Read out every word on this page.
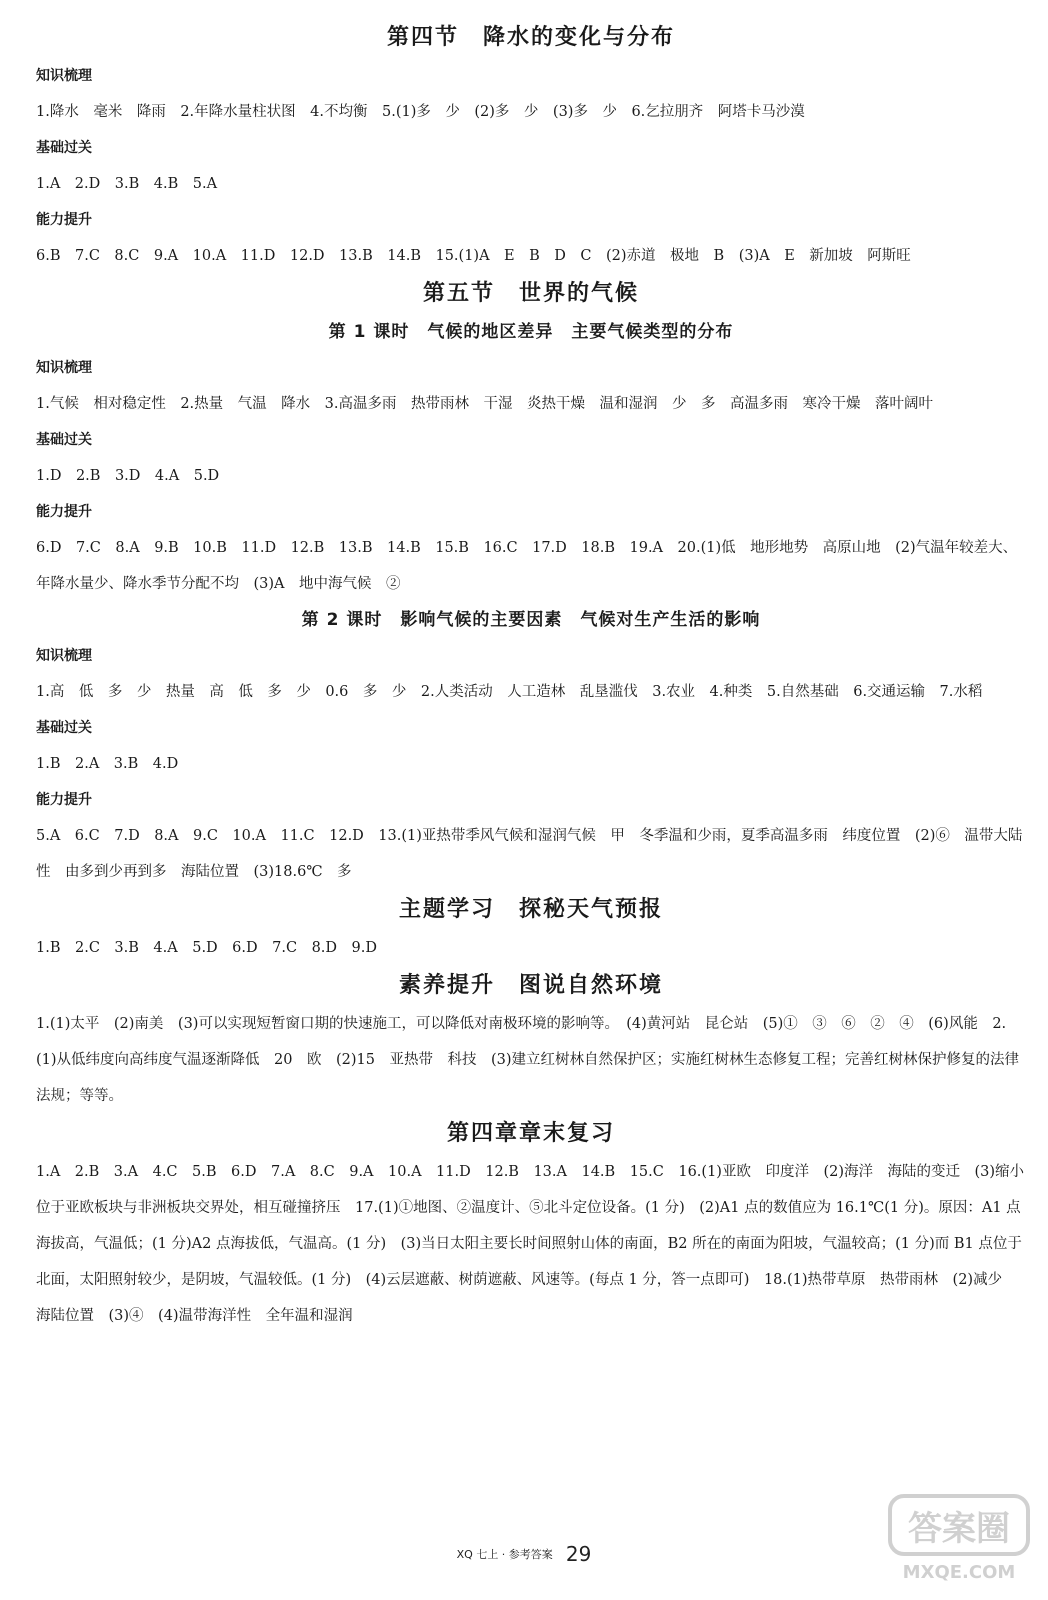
第四节　降水的变化与分布
知识梳理

1.降水　毫米　降雨　2.年降水量柱状图　4.不均衡　5.(1)多　少　(2)多　少　(3)多　少　6.乞拉朋齐　阿塔卡马沙漠

基础过关

1.A　2.D　3.B　4.B　5.A

能力提升

6.B　7.C　8.C　9.A　10.A　11.D　12.D　13.B　14.B　15.(1)A　E　B　D　C　(2)赤道　极地　B　(3)A　E　新加坡　阿斯旺

第五节　世界的气候
第 1 课时　气候的地区差异　主要气候类型的分布
知识梳理

1.气候　相对稳定性　2.热量　气温　降水　3.高温多雨　热带雨林　干湿　炎热干燥　温和湿润　少　多　高温多雨　寒冷干燥　落叶阔叶

基础过关

1.D　2.B　3.D　4.A　5.D

能力提升

6.D　7.C　8.A　9.B　10.B　11.D　12.B　13.B　14.B　15.B　16.C　17.D　18.B　19.A　20.(1)低　地形地势　高原山地　(2)气温年较差大、年降水量少、降水季节分配不均　(3)A　地中海气候　②

第 2 课时　影响气候的主要因素　气候对生产生活的影响
知识梳理

1.高　低　多　少　热量　高　低　多　少　0.6　多　少　2.人类活动　人工造林　乱垦滥伐　3.农业　4.种类　5.自然基础　6.交通运输　7.水稻

基础过关

1.B　2.A　3.B　4.D

能力提升

5.A　6.C　7.D　8.A　9.C　10.A　11.C　12.D　13.(1)亚热带季风气候和湿润气候　甲　冬季温和少雨，夏季高温多雨　纬度位置　(2)⑥　温带大陆性　由多到少再到多　海陆位置　(3)18.6℃　多

主题学习　探秘天气预报

1.B　2.C　3.B　4.A　5.D　6.D　7.C　8.D　9.D

素养提升　图说自然环境

1.(1)太平　(2)南美　(3)可以实现短暂窗口期的快速施工，可以降低对南极环境的影响等。　(4)黄河站　昆仑站　(5)①　③　⑥　②　④　(6)风能　2.(1)从低纬度向高纬度气温逐渐降低　20　欧　(2)15　亚热带　科技　(3)建立红树林自然保护区；实施红树林生态修复工程；完善红树林保护修复的法律法规；等等。

第四章章末复习

1.A　2.B　3.A　4.C　5.B　6.D　7.A　8.C　9.A　10.A　11.D　12.B　13.A　14.B　15.C　16.(1)亚欧　印度洋　(2)海洋　海陆的变迁　(3)缩小　位于亚欧板块与非洲板块交界处，相互碰撞挤压　17.(1)①地图、②温度计、⑤北斗定位设备。(1 分)　(2)A1 点的数值应为 16.1℃(1 分)。原因：A1 点海拔高，气温低；(1 分)A2 点海拔低，气温高。(1 分)　(3)当日太阳主要长时间照射山体的南面，B2 所在的南面为阳坡，气温较高；(1 分)而 B1 点位于北面，太阳照射较少，是阴坡，气温较低。(1 分)　(4)云层遮蔽、树荫遮蔽、风速等。(每点 1 分，答一点即可)　18.(1)热带草原　热带雨林　(2)减少　海陆位置　(3)④　(4)温带海洋性　全年温和湿润

XQ 七上 · 参考答案 29
答案圈
MXQE.COM
